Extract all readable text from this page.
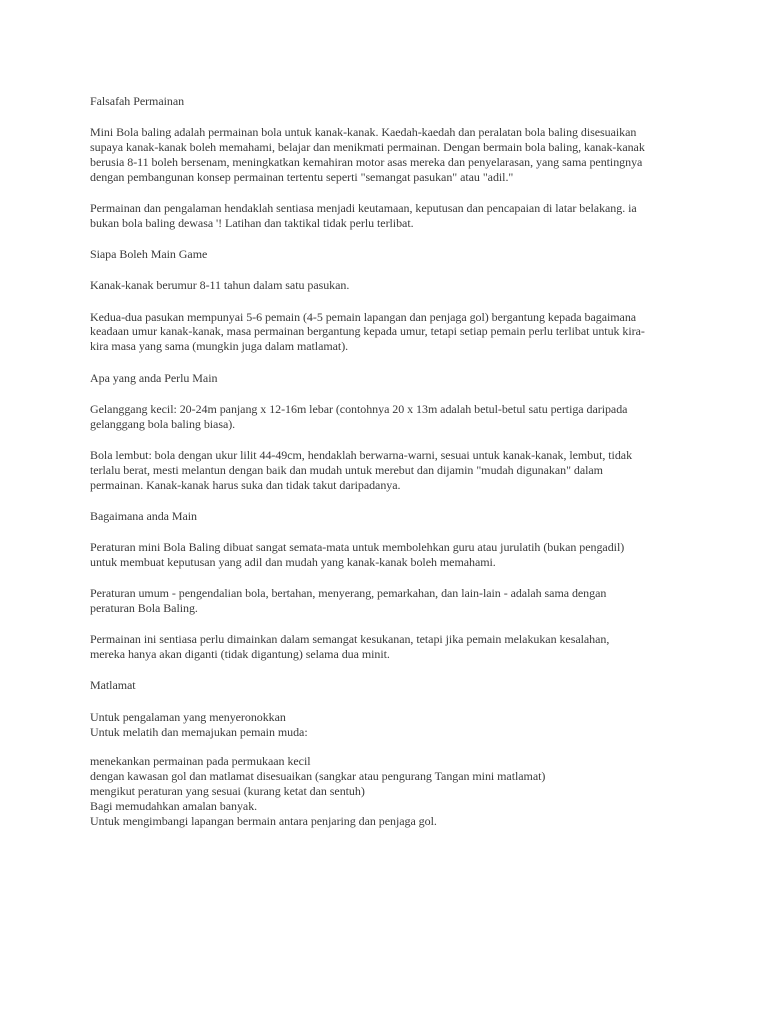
Falsafah Permainan
Mini Bola baling adalah permainan bola untuk kanak-kanak. Kaedah-kaedah dan peralatan bola baling disesuaikan
supaya kanak-kanak boleh memahami, belajar dan menikmati permainan. Dengan bermain bola baling, kanak-kanak
berusia 8-11 boleh bersenam, meningkatkan kemahiran motor asas mereka dan penyelarasan, yang sama pentingnya
dengan pembangunan konsep permainan tertentu seperti "semangat pasukan" atau "adil."
Permainan dan pengalaman hendaklah sentiasa menjadi keutamaan, keputusan dan pencapaian di latar belakang. ia
bukan bola baling dewasa '! Latihan dan taktikal tidak perlu terlibat.
Siapa Boleh Main Game
Kanak-kanak berumur 8-11 tahun dalam satu pasukan.
Kedua-dua pasukan mempunyai 5-6 pemain (4-5 pemain lapangan dan penjaga gol) bergantung kepada bagaimana
keadaan umur kanak-kanak, masa permainan bergantung kepada umur, tetapi setiap pemain perlu terlibat untuk kira-
kira masa yang sama (mungkin juga dalam matlamat).
Apa yang anda Perlu Main
Gelanggang kecil: 20-24m panjang x 12-16m lebar (contohnya 20 x 13m adalah betul-betul satu pertiga daripada
gelanggang bola baling biasa).
Bola lembut: bola dengan ukur lilit 44-49cm, hendaklah berwarna-warni, sesuai untuk kanak-kanak, lembut, tidak
terlalu berat, mesti melantun dengan baik dan mudah untuk merebut dan dijamin "mudah digunakan" dalam
permainan. Kanak-kanak harus suka dan tidak takut daripadanya.
Bagaimana anda Main
Peraturan mini Bola Baling dibuat sangat semata-mata untuk membolehkan guru atau jurulatih (bukan pengadil)
untuk membuat keputusan yang adil dan mudah yang kanak-kanak boleh memahami.
Peraturan umum - pengendalian bola, bertahan, menyerang, pemarkahan, dan lain-lain - adalah sama dengan
peraturan Bola Baling.
Permainan ini sentiasa perlu dimainkan dalam semangat kesukanan, tetapi jika pemain melakukan kesalahan,
mereka hanya akan diganti (tidak digantung) selama dua minit.
Matlamat
Untuk pengalaman yang menyeronokkan
Untuk melatih dan memajukan pemain muda:
menekankan permainan pada permukaan kecil
dengan kawasan gol dan matlamat disesuaikan (sangkar atau pengurang Tangan mini matlamat)
mengikut peraturan yang sesuai (kurang ketat dan sentuh)
Bagi memudahkan amalan banyak.
Untuk mengimbangi lapangan bermain antara penjaring dan penjaga gol.
